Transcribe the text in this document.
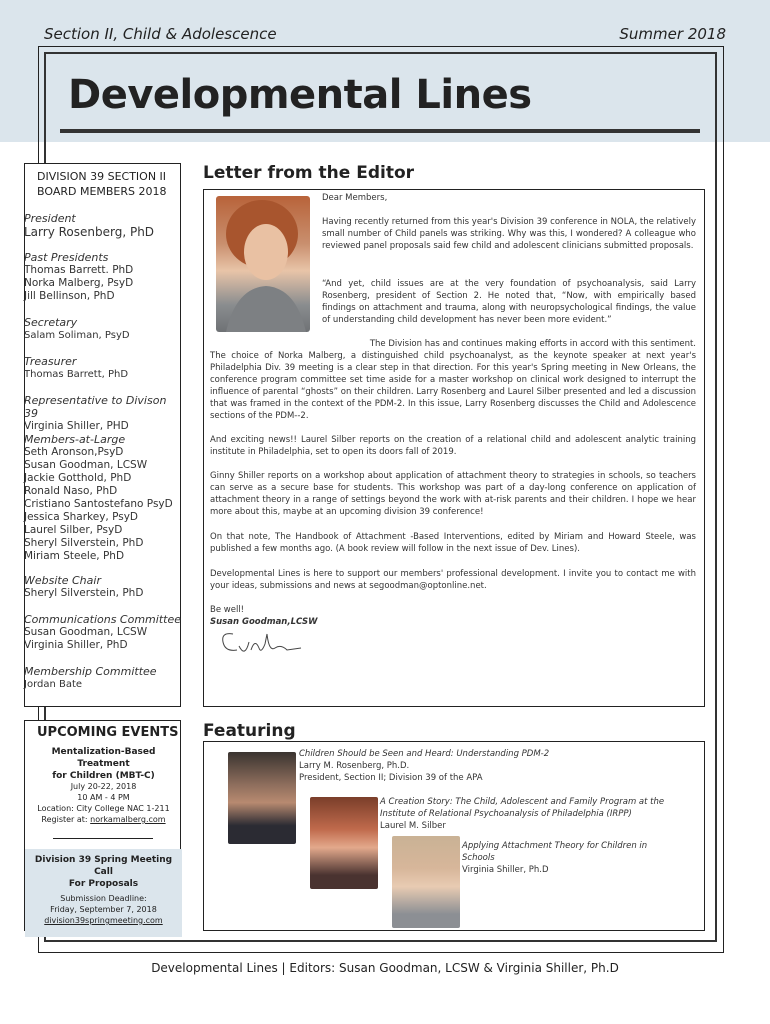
Section II, Child & Adolescence	Summer 2018
Developmental Lines
DIVISION 39 SECTION II
BOARD MEMBERS 2018
President
Larry Rosenberg, PhD
Past Presidents
Thomas Barrett. PhD
Norka Malberg, PsyD
Jill Bellinson, PhD
Secretary
Salam Soliman, PsyD
Treasurer
Thomas Barrett, PhD
Representative to Divison 39
Virginia Shiller, PHD
Members-at-Large
Seth Aronson,PsyD
Susan Goodman, LCSW
Jackie Gotthold, PhD
Ronald Naso, PhD
Cristiano Santostefano PsyD
Jessica Sharkey, PsyD
Laurel Silber, PsyD
Sheryl Silverstein, PhD
Miriam Steele, PhD
Website Chair
Sheryl Silverstein, PhD
Communications Committee
Susan Goodman, LCSW
Virginia Shiller, PhD
Membership Committee
Jordan Bate
UPCOMING EVENTS
Mentalization-Based Treatment
for Children (MBT-C)
July 20-22, 2018
10 AM - 4 PM
Location: City College NAC 1-211
Register at: norkamalberg.com
Division 39 Spring Meeting Call
For Proposals
Submission Deadline:
Friday, September 7, 2018
division39springmeeting.com
Letter from the Editor
Dear Members,
Having recently returned from this year's Division 39 conference in NOLA, the relatively small number of Child panels was striking. Why was this, I wondered? A colleague who reviewed panel proposals said few child and adolescent clinicians submitted proposals.
“And yet, child issues are at the very foundation of psychoanalysis, said Larry Rosenberg, president of Section 2. He noted that, “Now, with empirically based findings on attachment and trauma, along with neuropsychological findings, the value of understanding child development has never been more evident.”
The Division has and continues making efforts in accord with this sentiment.
The choice of Norka Malberg, a distinguished child psychoanalyst, as the keynote speaker at next year's Philadelphia Div. 39 meeting is a clear step in that direction. For this year's Spring meeting in New Orleans, the conference program committee set time aside for a master workshop on clinical work designed to interrupt the influence of parental “ghosts” on their children. Larry Rosenberg and Laurel Silber presented and led a discussion that was framed in the context of the PDM-2. In this issue, Larry Rosenberg discusses the Child and Adolescence sections of the PDM--2.
And exciting news!! Laurel Silber reports on the creation of a relational child and adolescent analytic training institute in Philadelphia, set to open its doors fall of 2019.
Ginny Shiller reports on a workshop about application of attachment theory to strategies in schools, so teachers can serve as a secure base for students. This workshop was part of a day-long conference on application of attachment theory in a range of settings beyond the work with at-risk parents and their children. I hope we hear more about this, maybe at an upcoming division 39 conference!
On that note, The Handbook of Attachment -Based Interventions, edited by Miriam and Howard Steele, was published a few months ago. (A book review will follow in the next issue of Dev. Lines).
Developmental Lines is here to support our members' professional development. I invite you to contact me with your ideas, submissions and news at segoodman@optonline.net.
Be well!
Susan Goodman,LCSW
Featuring
Children Should be Seen and Heard: Understanding PDM-2
Larry M. Rosenberg, Ph.D.
President, Section II; Division 39 of the APA
A Creation Story: The Child, Adolescent and Family Program at the Institute of Relational Psychoanalysis of Philadelphia (IRPP)
Laurel M. Silber
Applying Attachment Theory for Children in Schools
Virginia Shiller, Ph.D
Developmental Lines | Editors: Susan Goodman, LCSW & Virginia Shiller, Ph.D
